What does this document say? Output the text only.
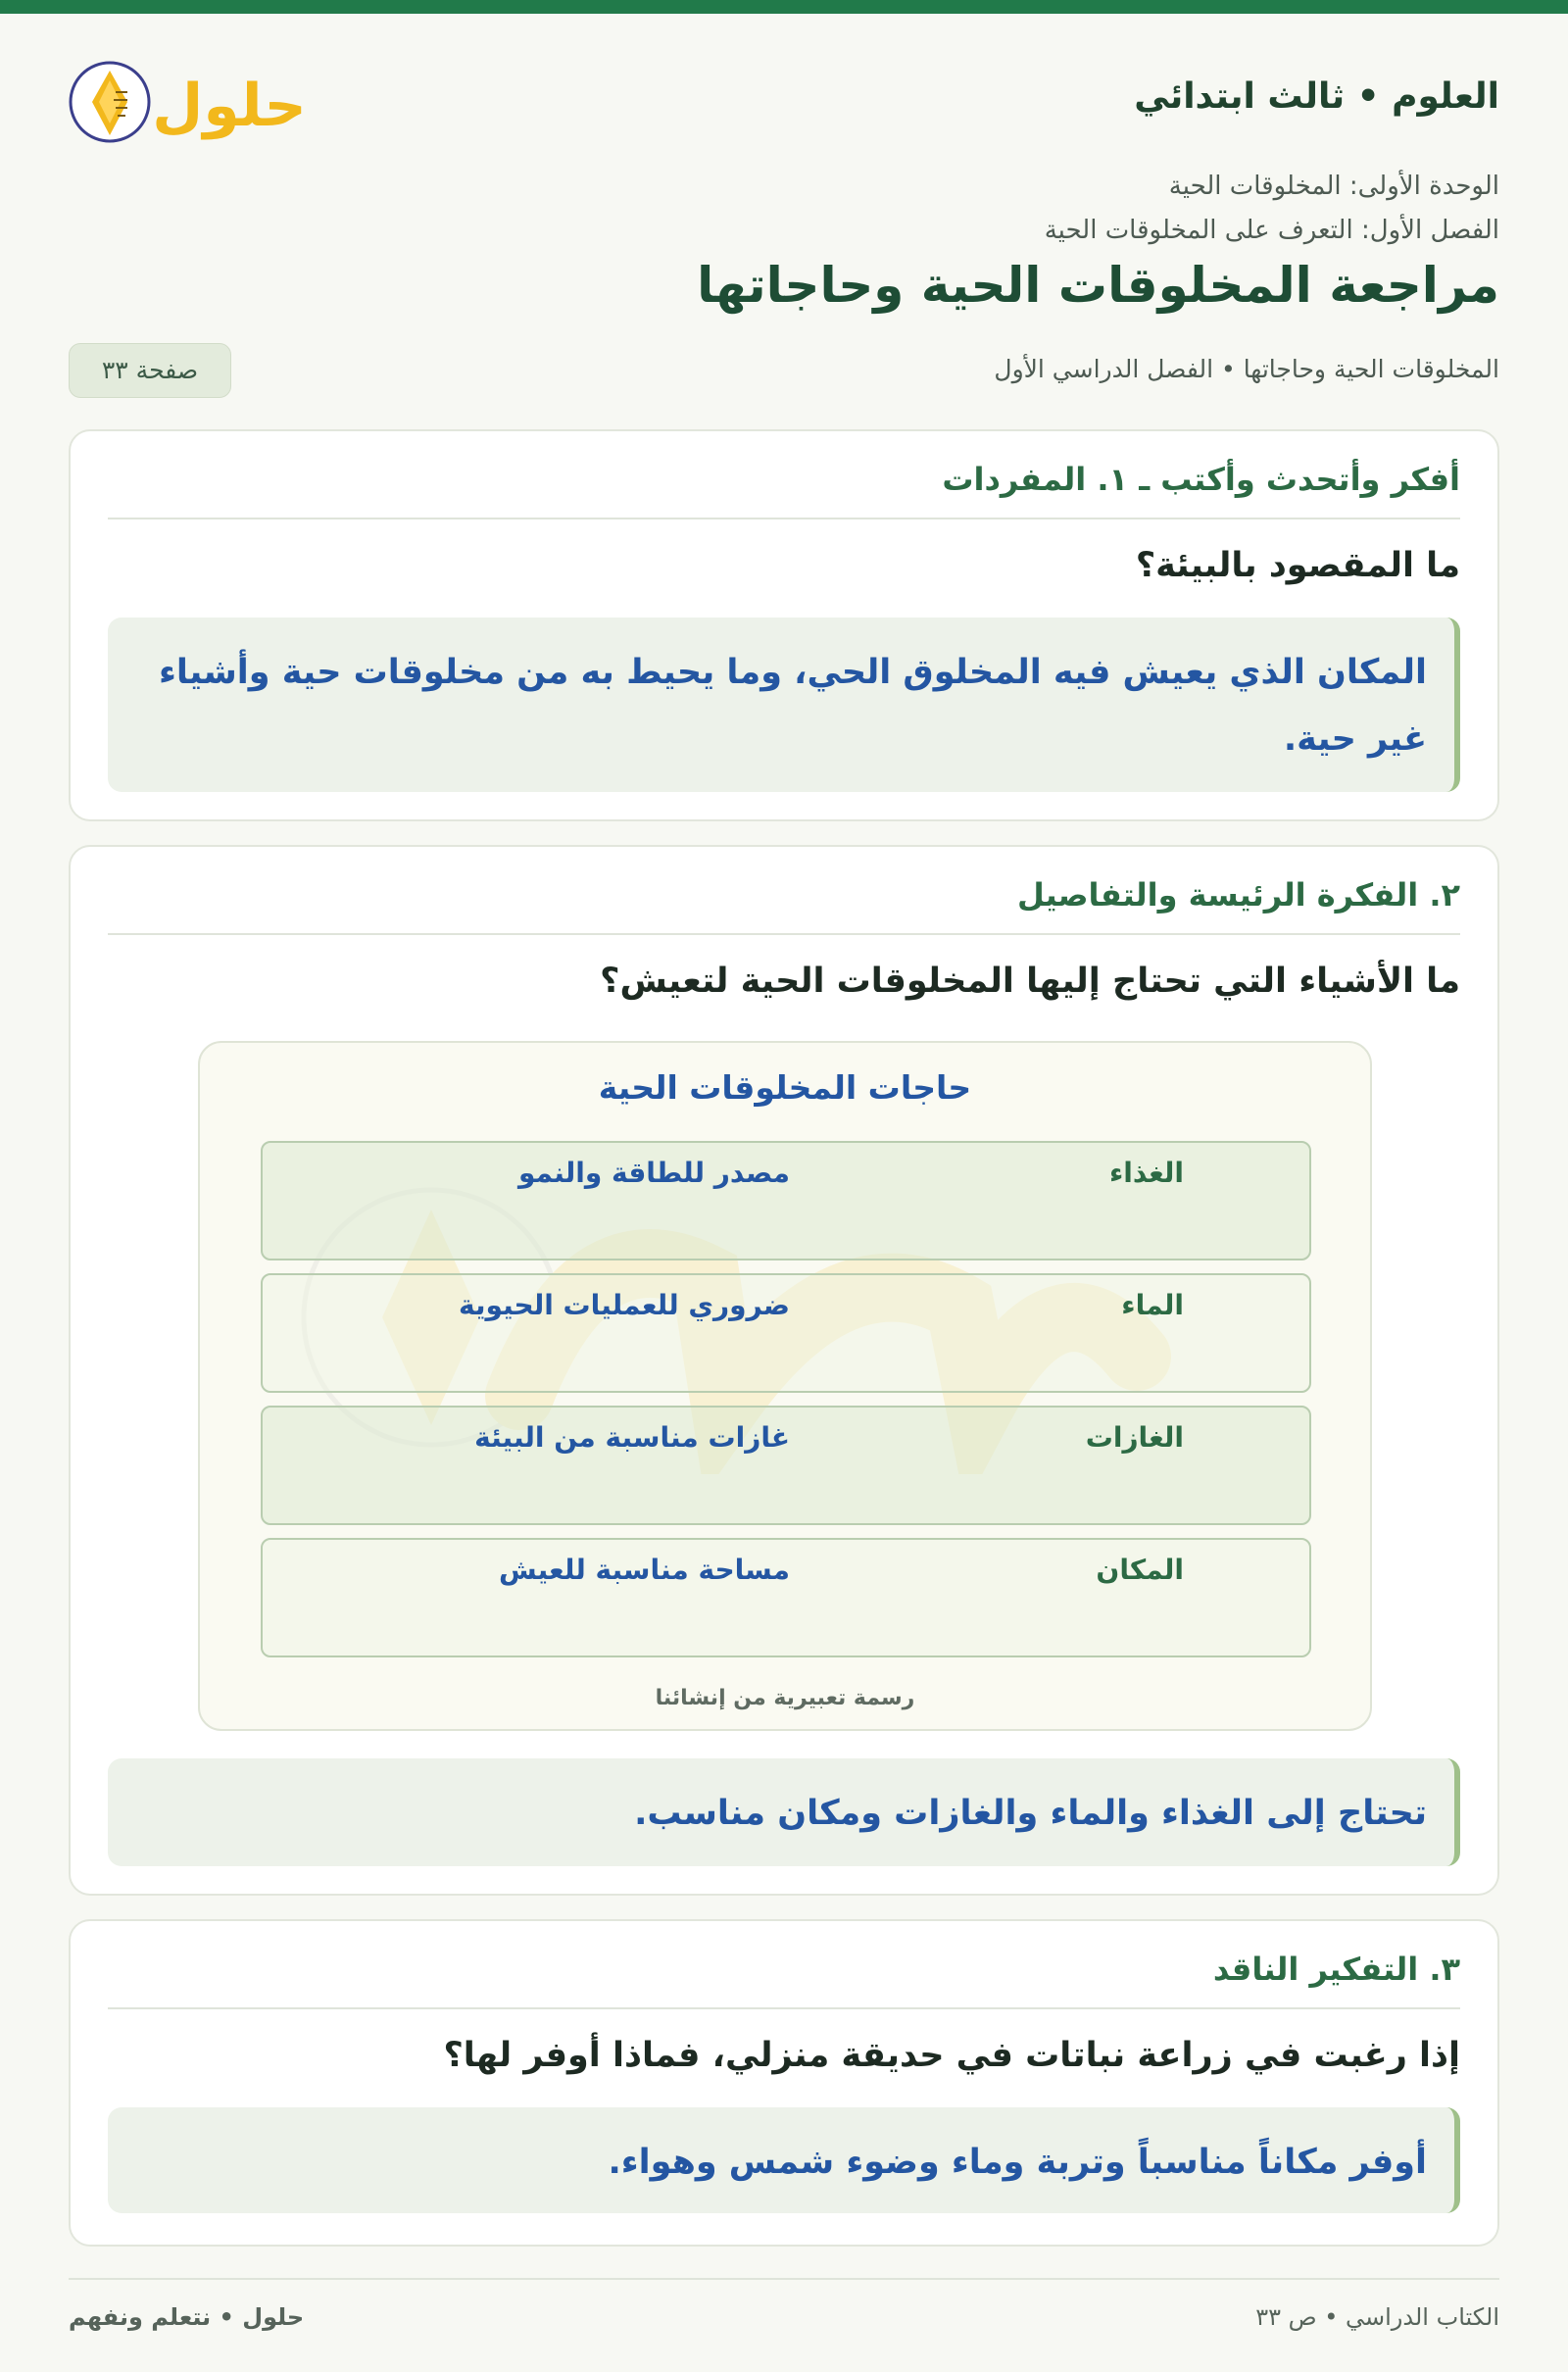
العلوم • ثالث ابتدائي
حلول
الوحدة الأولى: المخلوقات الحية
الفصل الأول: التعرف على المخلوقات الحية
مراجعة المخلوقات الحية وحاجاتها
المخلوقات الحية وحاجاتها • الفصل الدراسي الأول
صفحة ٣٣
أفكر وأتحدث وأكتب ـ ١. المفردات
ما المقصود بالبيئة؟
المكان الذي يعيش فيه المخلوق الحي، وما يحيط به من مخلوقات حية وأشياء غير حية.
٢. الفكرة الرئيسة والتفاصيل
ما الأشياء التي تحتاج إليها المخلوقات الحية لتعيش؟
حاجات المخلوقات الحية
الغذاء
مصدر للطاقة والنمو
الماء
ضروري للعمليات الحيوية
الغازات
غازات مناسبة من البيئة
المكان
مساحة مناسبة للعيش
رسمة تعبيرية من إنشائنا
تحتاج إلى الغذاء والماء والغازات ومكان مناسب.
٣. التفكير الناقد
إذا رغبت في زراعة نباتات في حديقة منزلي، فماذا أوفر لها؟
أوفر مكاناً مناسباً وتربة وماء وضوء شمس وهواء.
الكتاب الدراسي • ص ٣٣
حلول • نتعلم ونفهم
